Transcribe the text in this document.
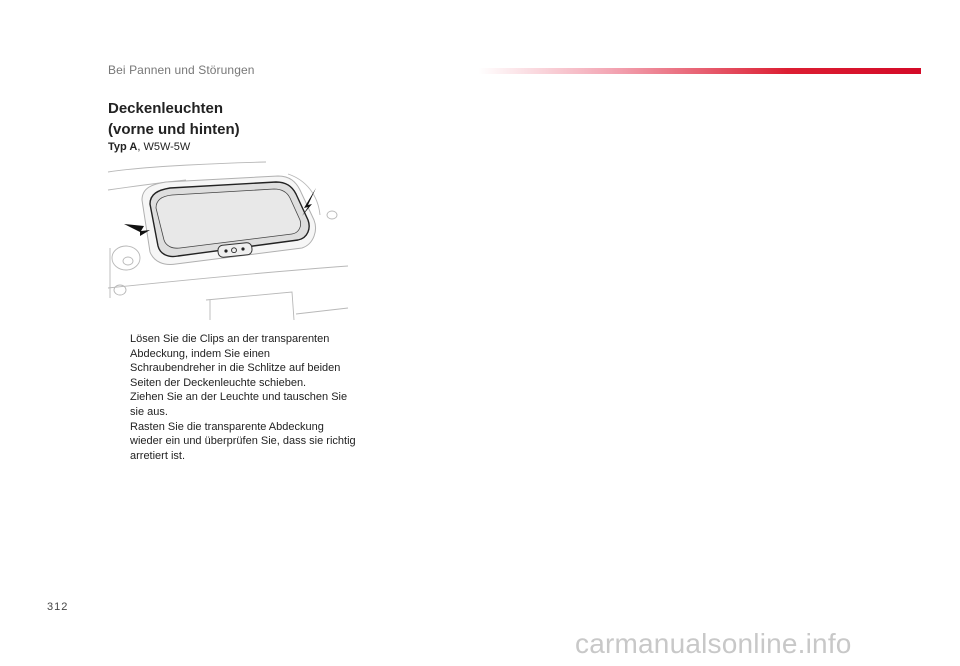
Bei Pannen und Störungen
Deckenleuchten
(vorne und hinten)
Typ A, W5W-5W
Lösen Sie die Clips an der transparenten Abdeckung, indem Sie einen Schraubendreher in die Schlitze auf beiden Seiten der Deckenleuchte schieben.
Ziehen Sie an der Leuchte und tauschen Sie sie aus.
Rasten Sie die transparente Abdeckung wieder ein und überprüfen Sie, dass sie richtig arretiert ist.
312
carmanualsonline.info
